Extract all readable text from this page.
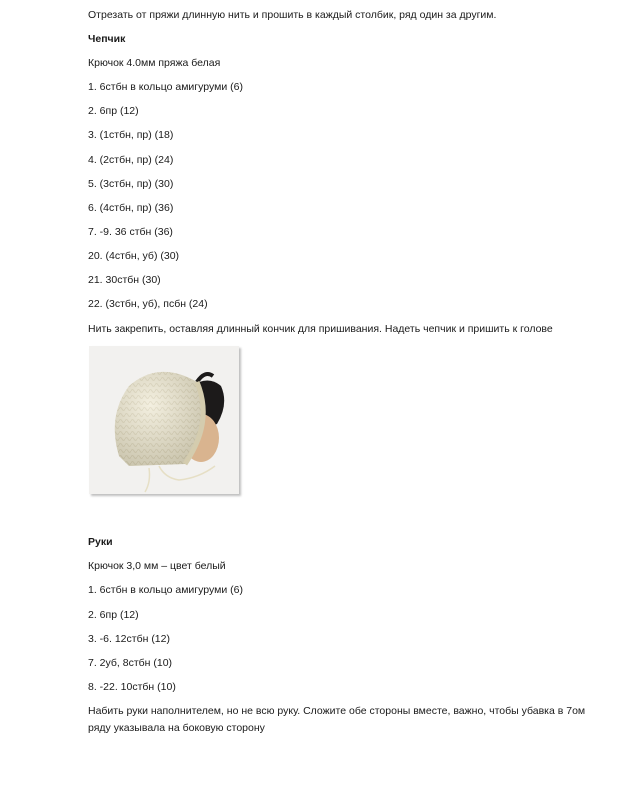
Отрезать от пряжи длинную нить и прошить в каждый столбик, ряд один за другим.
Чепчик
Крючок 4.0мм пряжа белая
1. 6стбн в кольцо амигуруми (6)
2. 6пр (12)
3. (1стбн, пр) (18)
4. (2стбн, пр) (24)
5. (3стбн, пр) (30)
6. (4стбн, пр) (36)
7. -9. 36 стбн (36)
20. (4стбн, уб) (30)
21. 30стбн (30)
22. (3стбн, уб), псбн (24)
Нить закрепить, оставляя длинный кончик для пришивания. Надеть чепчик и пришить к голове
Руки
Крючок 3,0 мм – цвет белый
1. 6стбн в кольцо амигуруми (6)
2. 6пр (12)
3. -6. 12стбн (12)
7. 2уб, 8стбн (10)
8. -22. 10стбн (10)
Набить руки наполнителем, но не всю руку. Сложите обе стороны вместе, важно, чтобы убавка в 7ом ряду указывала на боковую сторону
